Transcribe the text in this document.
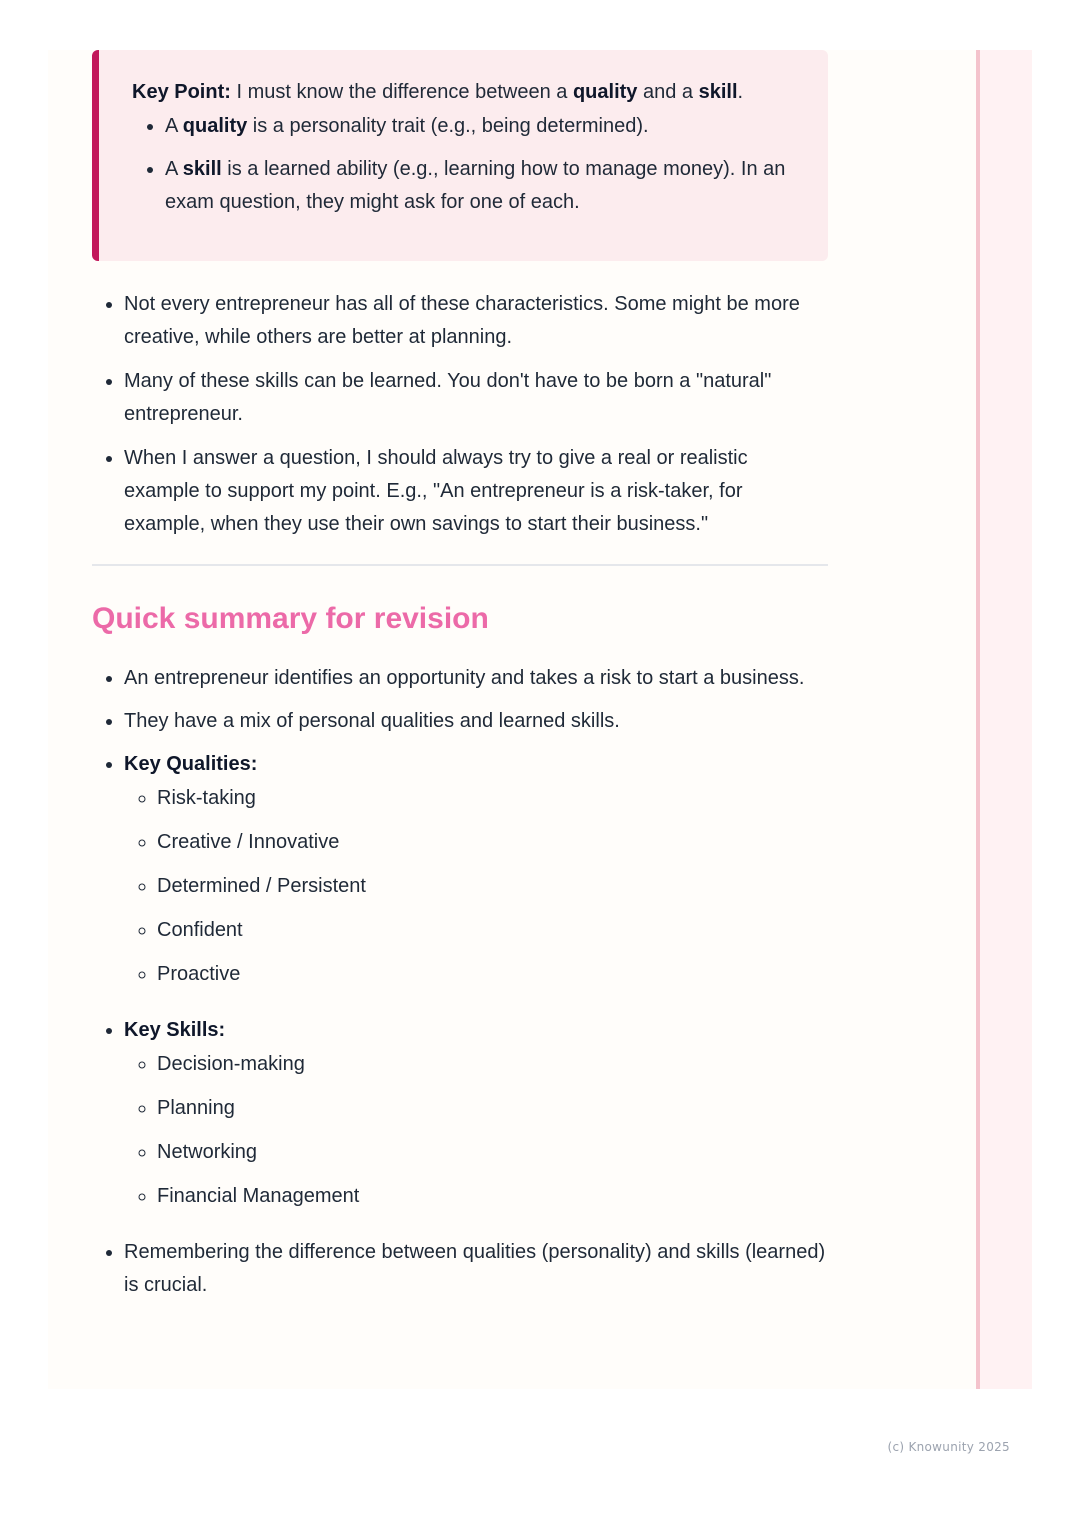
Key Point: I must know the difference between a quality and a skill.

• A quality is a personality trait (e.g., being determined).
• A skill is a learned ability (e.g., learning how to manage money). In an exam question, they might ask for one of each.
• Not every entrepreneur has all of these characteristics. Some might be more creative, while others are better at planning.
• Many of these skills can be learned. You don't have to be born a "natural" entrepreneur.
• When I answer a question, I should always try to give a real or realistic example to support my point. E.g., "An entrepreneur is a risk-taker, for example, when they use their own savings to start their business."
Quick summary for revision
• An entrepreneur identifies an opportunity and takes a risk to start a business.
• They have a mix of personal qualities and learned skills.
• Key Qualities:
◦ Risk-taking
◦ Creative / Innovative
◦ Determined / Persistent
◦ Confident
◦ Proactive
• Key Skills:
◦ Decision-making
◦ Planning
◦ Networking
◦ Financial Management
• Remembering the difference between qualities (personality) and skills (learned) is crucial.
(c) Knowunity 2025
